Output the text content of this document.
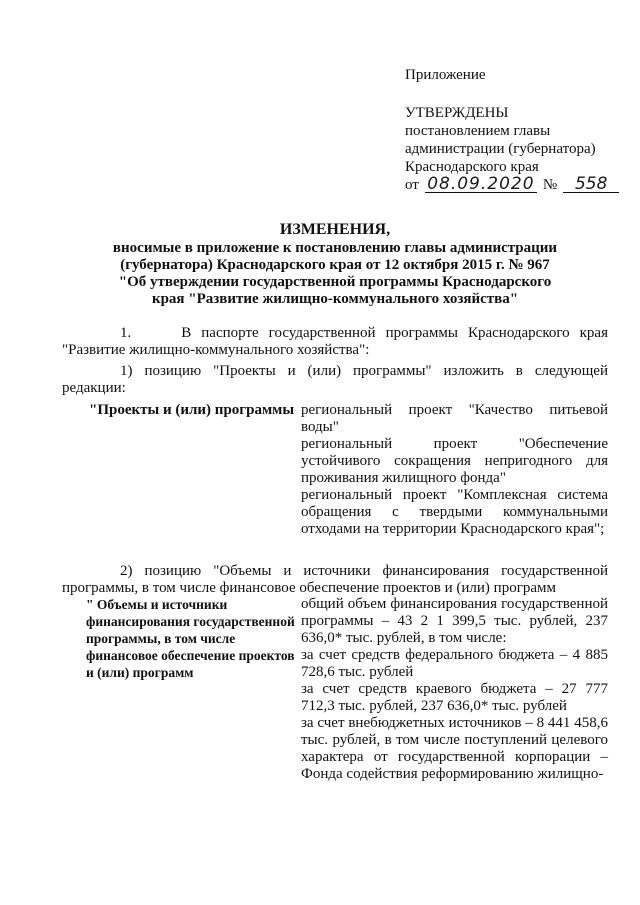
Приложение
УТВЕРЖДЕНЫ
постановлением главы
администрации (губернатора)
Краснодарского края
от 08.09.2020 №	558
ИЗМЕНЕНИЯ,
вносимые в приложение к постановлению главы администрации
(губернатора) Краснодарского края от 12 октября 2015 г. № 967
"Об утверждении государственной программы Краснодарского
края "Развитие жилищно-коммунального хозяйства"
1.     В паспорте государственной программы Краснодарского края "Развитие жилищно-коммунального хозяйства":
1) позицию "Проекты и (или) программы" изложить в следующей редакции:
"Проекты и (или) программы региональный проект "Качество питьевой воды"

региональный проект "Обеспечение устойчивого сокращения непригодного для проживания жилищного фонда"

региональный проект "Комплексная система обращения с твердыми коммунальными отходами на территории Краснодарского края";

2) позицию "Объемы и источники финансирования государственной программы, в том числе финансовое обеспечение проектов и (или) программ
" Объемы и источники финансирования государственной программы, в том числе финансовое обеспечение проектов и (или) программ

общий объем финансирования государственной программы – 43 2 1 399,5 тыс. рублей, 237 636,0* тыс. рублей, в том числе:

за счет средств федерального бюджета – 4 885 728,6 тыс. рублей

за счет средств краевого бюджета – 27 777 712,3 тыс. рублей, 237 636,0* тыс. рублей

за счет внебюджетных источников – 8 441 458,6 тыс. рублей, в том числе поступлений целевого характера от государственной корпорации – Фонда содействия реформированию жилищно-
